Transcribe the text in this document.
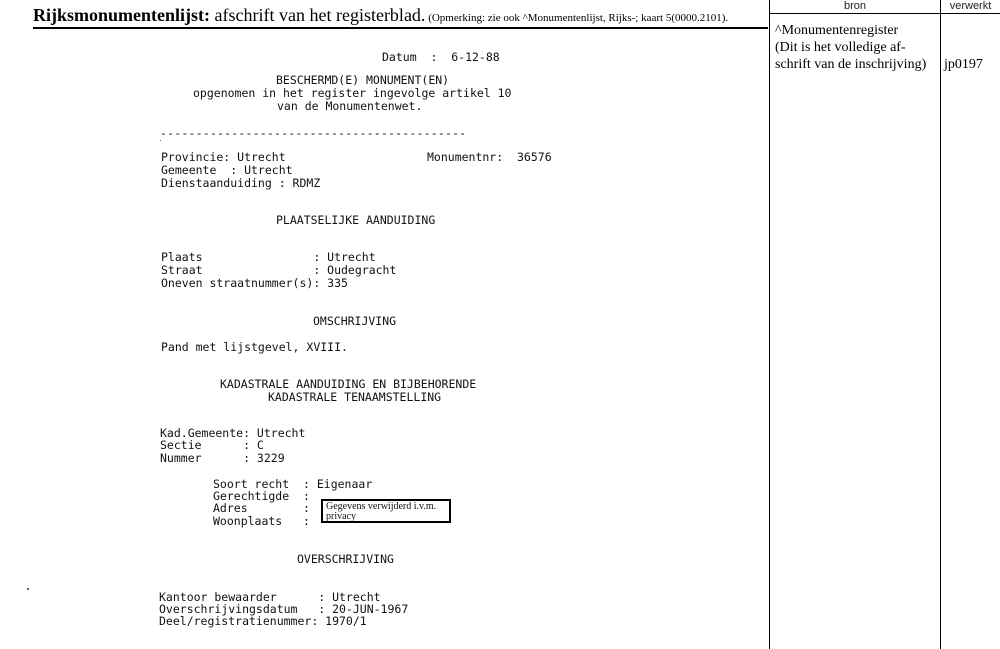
Rijksmonumentenlijst: afschrift van het registerblad. (Opmerking: zie ook ^Monumentenlijst, Rijks-; kaart 5(0000.2101).
bron	verwerkt
^Monumentenregister
(Dit is het volledige af-
schrift van de inschrijving)	jp0197
Datum  :  6-12-88
BESCHERMD(E) MONUMENT(EN)
opgenomen in het register ingevolge artikel 10
van de Monumentenwet.
-------------------------------------------
Provincie: Utrecht	Monumentnr:  36576
Gemeente  : Utrecht
Dienstaanduiding : RDMZ
PLAATSELIJKE AANDUIDING
Plaats                : Utrecht
Straat                : Oudegracht
Oneven straatnummer(s): 335
OMSCHRIJVING
Pand met lijstgevel, XVIII.
KADASTRALE AANDUIDING EN BIJBEHORENDE
KADASTRALE TENAAMSTELLING
Kad.Gemeente: Utrecht
Sectie      : C
Nummer      : 3229
Soort recht  : Eigenaar
Gerechtigde  :
Adres        :
Woonplaats   :
Gegevens verwijderd i.v.m. privacy
OVERSCHRIJVING
Kantoor bewaarder      : Utrecht
Overschrijvingsdatum   : 20-JUN-1967
Deel/registratienummer: 1970/1
